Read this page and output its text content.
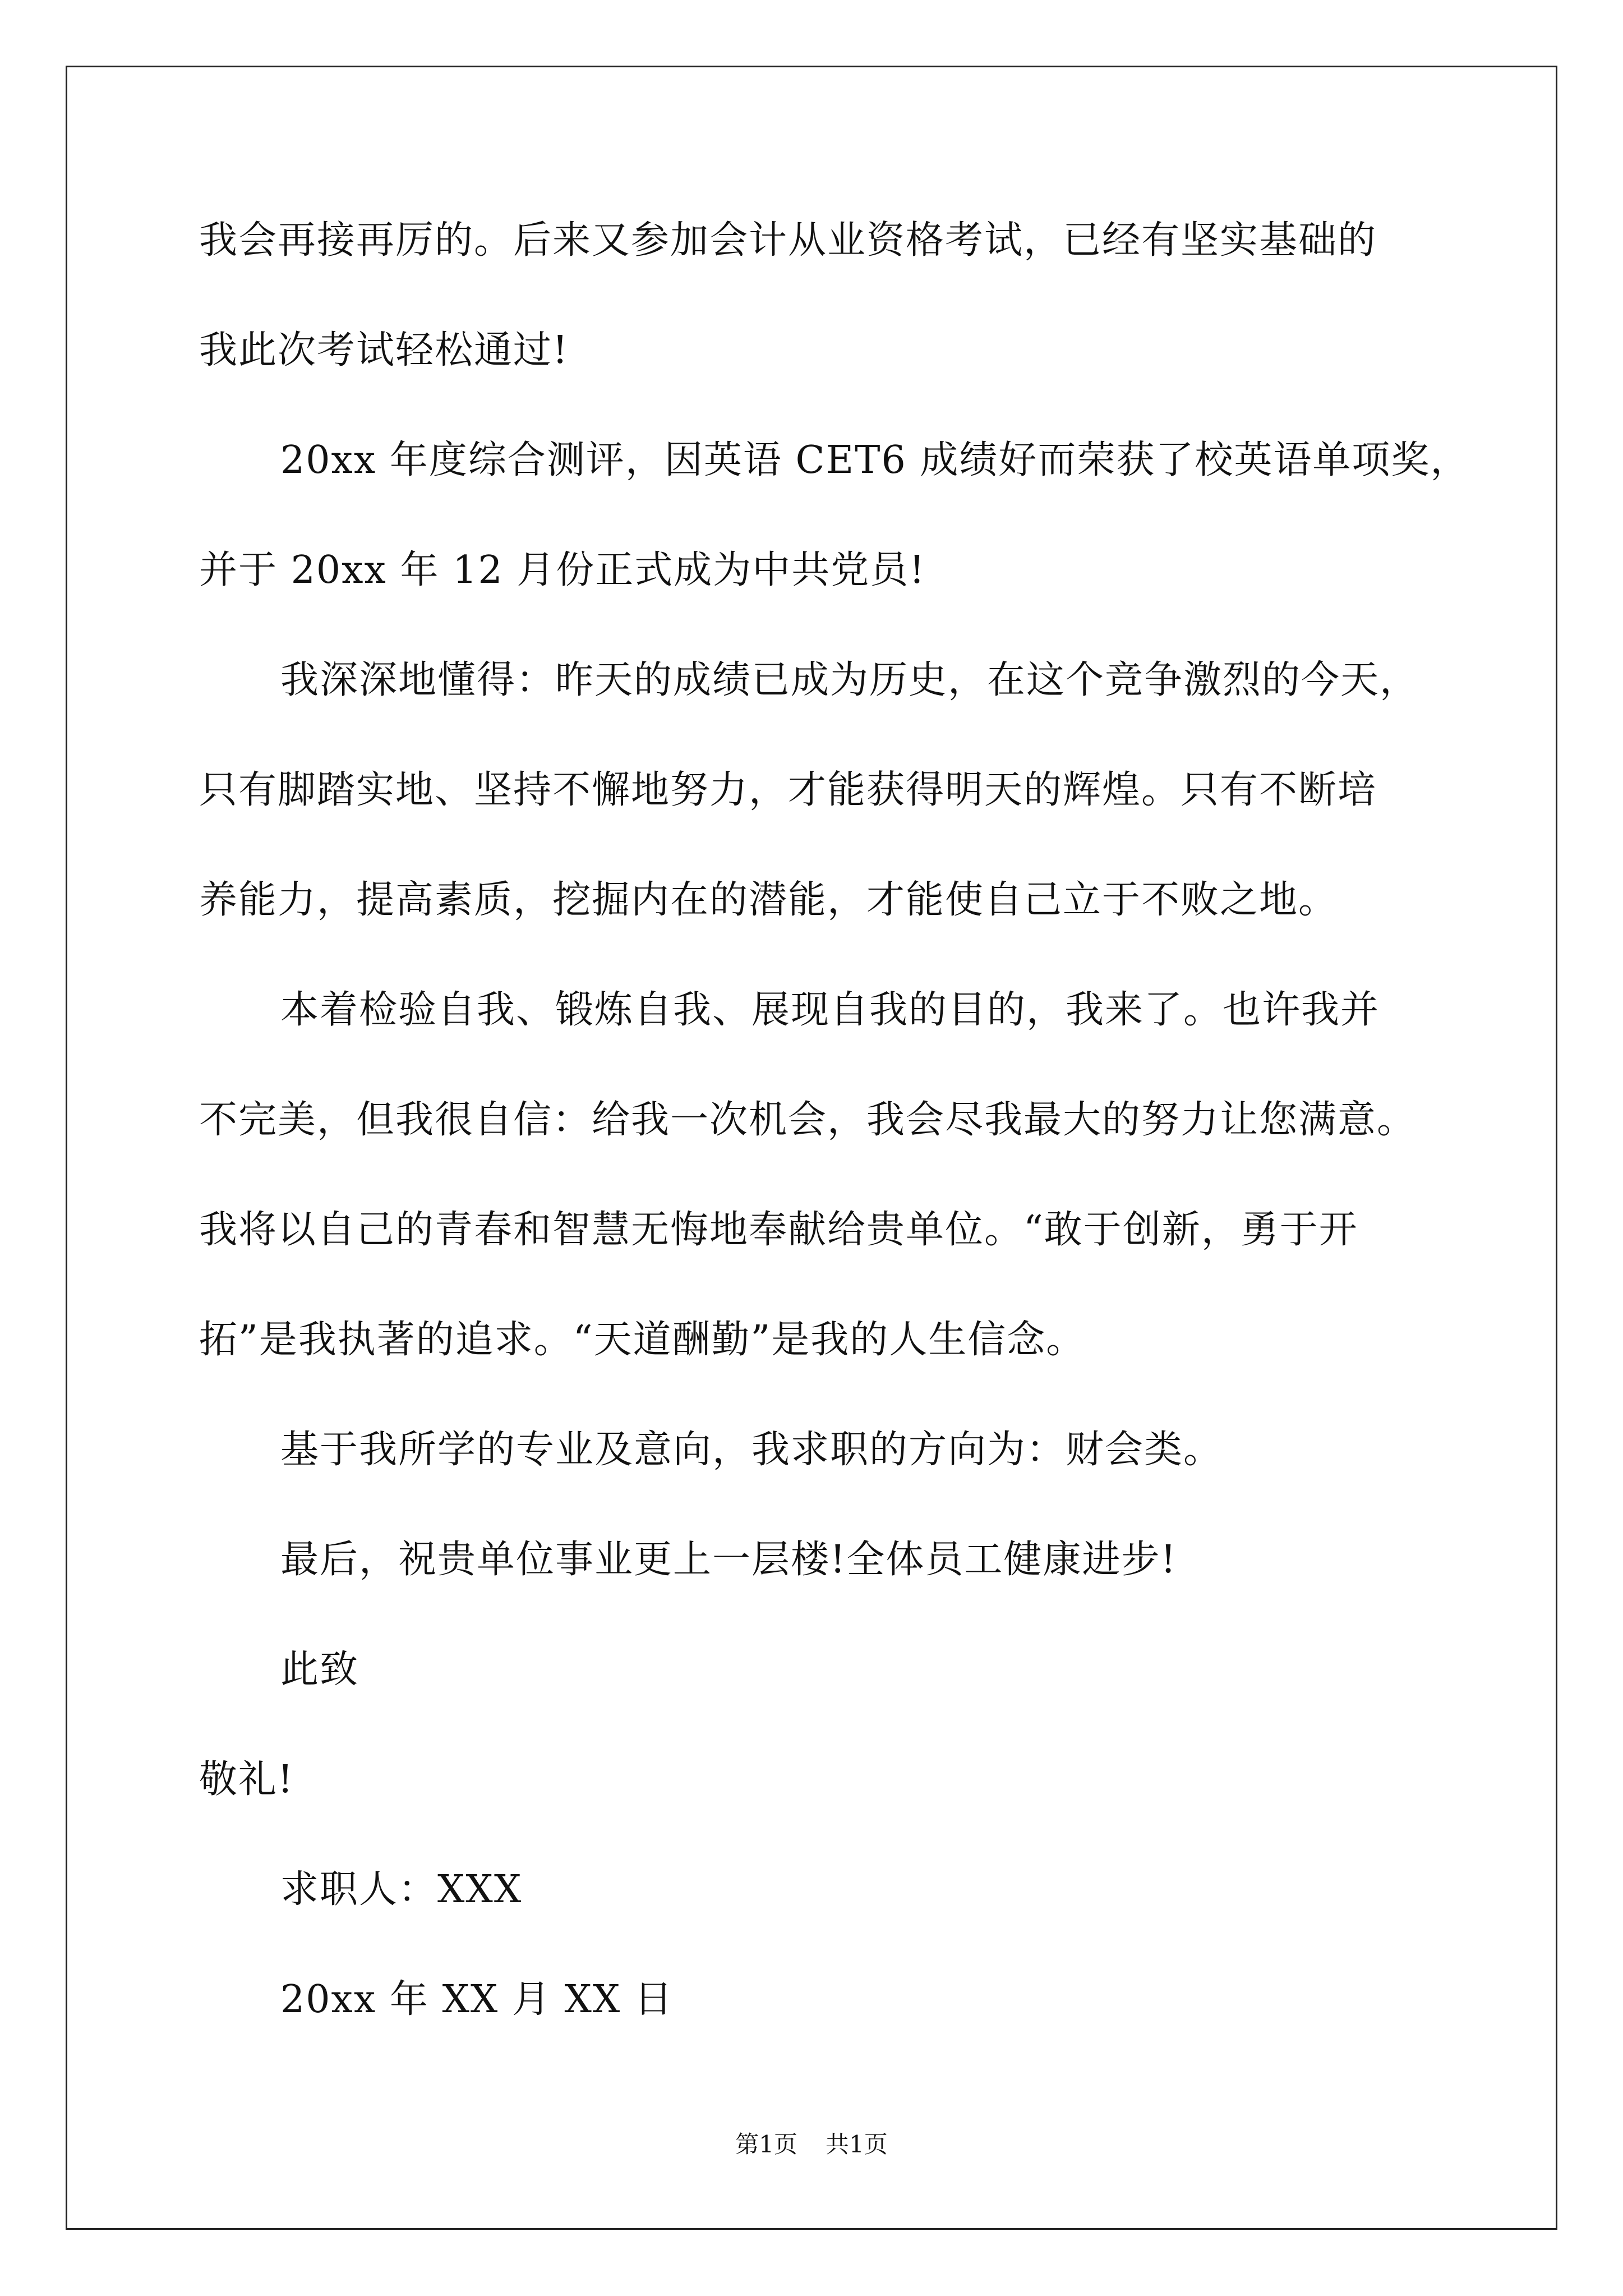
我会再接再厉的。后来又参加会计从业资格考试，已经有坚实基础的
我此次考试轻松通过!
20xx 年度综合测评，因英语 CET6 成绩好而荣获了校英语单项奖，
并于 20xx 年 12 月份正式成为中共党员!
我深深地懂得：昨天的成绩已成为历史，在这个竞争激烈的今天，
只有脚踏实地、坚持不懈地努力，才能获得明天的辉煌。只有不断培
养能力，提高素质，挖掘内在的潜能，才能使自己立于不败之地。
本着检验自我、锻炼自我、展现自我的目的，我来了。也许我并
不完美，但我很自信：给我一次机会，我会尽我最大的努力让您满意。
我将以自己的青春和智慧无悔地奉献给贵单位。“敢于创新，勇于开
拓”是我执著的追求。“天道酬勤”是我的人生信念。
基于我所学的专业及意向，我求职的方向为：财会类。
最后，祝贵单位事业更上一层楼!全体员工健康进步!
此致
敬礼!
求职人：XXX
20xx 年 XX 月 XX 日
第1页 共1页
